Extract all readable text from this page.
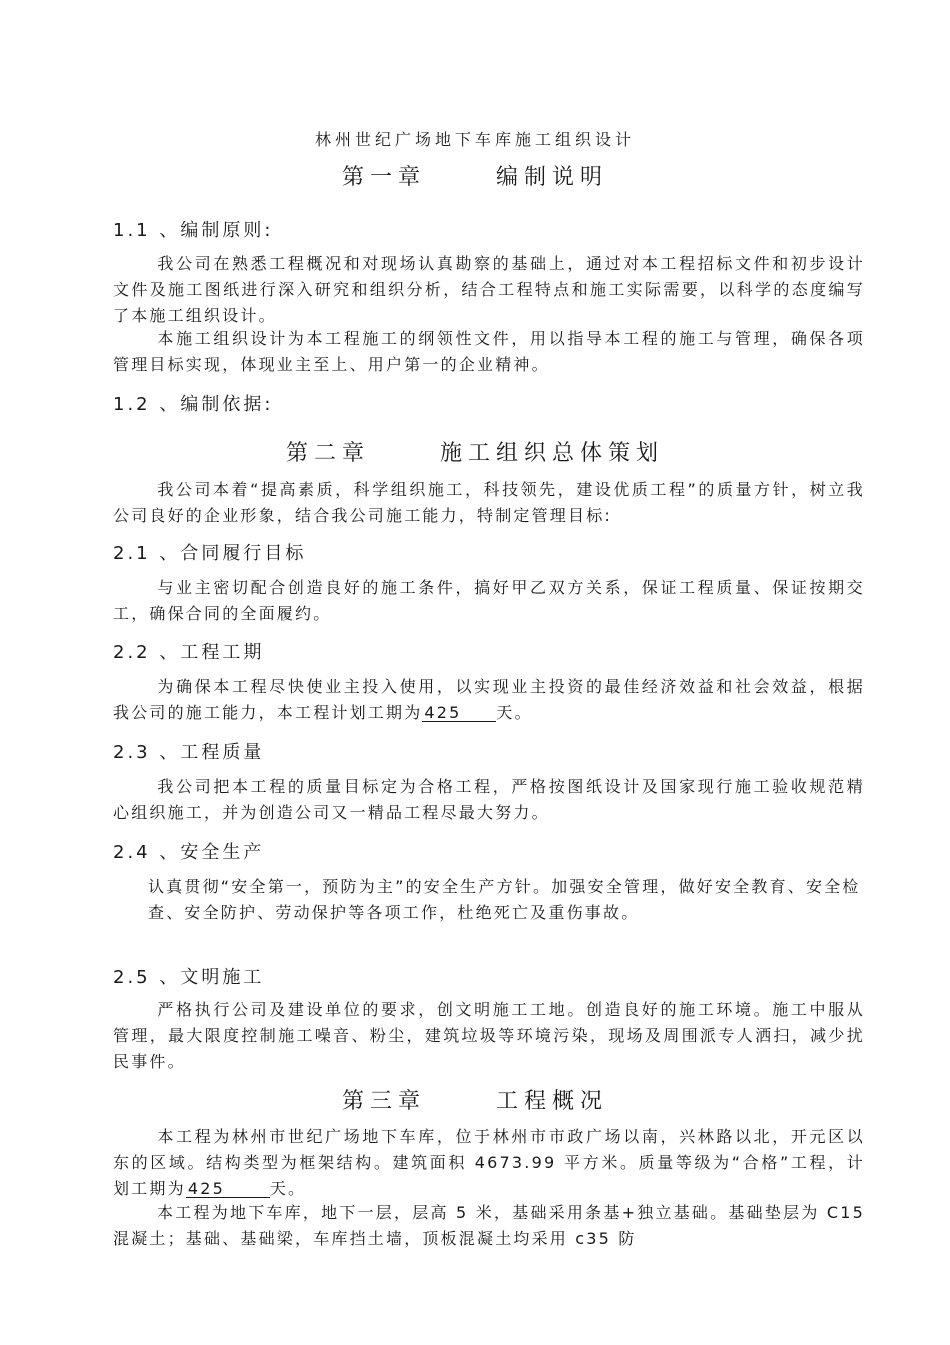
林州世纪广场地下车库施工组织设计
第一章	编制说明
1.1 、编制原则:

我公司在熟悉工程概况和对现场认真勘察的基础上，通过对本工程招标文件和初步设计文件及施工图纸进行深入研究和组织分析，结合工程特点和施工实际需要，以科学的态度编写了本施工组织设计。

本施工组织设计为本工程施工的纲领性文件，用以指导本工程的施工与管理，确保各项管理目标实现，体现业主至上、用户第一的企业精神。

1.2 、编制依据:
第二章	施工组织总体策划

我公司本着“提高素质，科学组织施工，科技领先，建设优质工程”的质量方针，树立我公司良好的企业形象，结合我公司施工能力，特制定管理目标:

2.1 、合同履行目标

与业主密切配合创造良好的施工条件，搞好甲乙双方关系，保证工程质量、保证按期交工，确保合同的全面履约。

2.2 、工程工期

为确保本工程尽快使业主投入使用，以实现业主投资的最佳经济效益和社会效益，根据我公司的施工能力，本工程计划工期为 425 天。

2.3 、工程质量

我公司把本工程的质量目标定为合格工程，严格按图纸设计及国家现行施工验收规范精心组织施工，并为创造公司又一精品工程尽最大努力。

2.4 、安全生产

认真贯彻“安全第一，预防为主”的安全生产方针。加强安全管理，做好安全教育、安全检查、安全防护、劳动保护等各项工作，杜绝死亡及重伤事故。

2.5 、文明施工

严格执行公司及建设单位的要求，创文明施工工地。创造良好的施工环境。施工中服从管理，最大限度控制施工噪音、粉尘，建筑垃圾等环境污染，现场及周围派专人洒扫，减少扰民事件。

第三章	工程概况

本工程为林州市世纪广场地下车库，位于林州市市政广场以南，兴林路以北，开元区以东的区域。结构类型为框架结构。建筑面积 4673.99 平方米。质量等级为“合格”工程，计划工期为 425	天。

本工程为地下车库，地下一层，层高 5 米，基础采用条基+独立基础。基础垫层为 C15 混凝土；基础、基础梁，车库挡土墙，顶板混凝土均采用 c35 防
